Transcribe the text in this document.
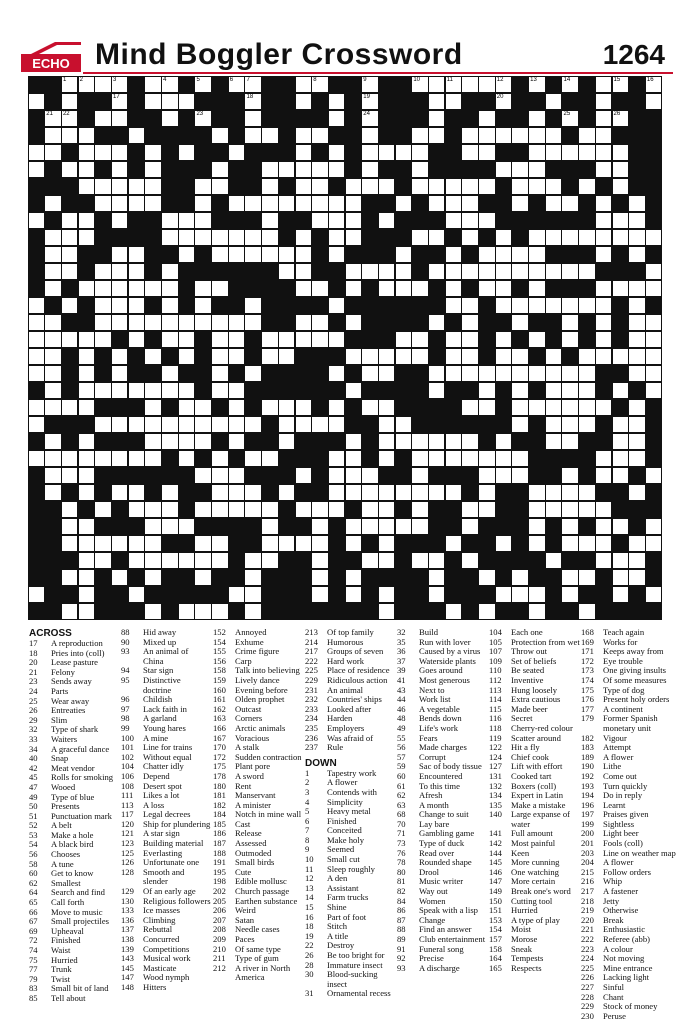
ECHO Mind Boggler Crossword	1264
1 2	3	4	5	6 7	8	9	10	11	12	13	14	15	16
17	18	19	20
21 22	23	24	25	26
ACROSS
17	A reproduction
18	Pries into (coll)
20	Lease pasture
21	Felony
23	Sends away
24	Parts
25	Wear away
26	Entreaties
29	Slim
32	Type of shark
33	Waiters
34	A graceful dance
40	Snap
42	Meat vendor
45	Rolls for smoking
47	Wooed
49	Type of blue
50	Presents
51	Punctuation mark
52	A belt
53	Make a hole
54	A black bird
56	Chooses
58	A tune
60	Get to know
62	Smallest
64	Search and find
65	Call forth
66	Move to music
67	Small projectiles
69	Upheaval
72	Finished
74	Waist
75	Hurried
77	Trunk
79	Twist
83	Small bit of land
85	Tell about
88	Hid away
90	Mixed up
93	An animal of China
94	Star sign
95	Distinctive doctrine
96	Childish
97	Lack faith in
98	A garland
99	Young hares
100	A mine
101	Line for trains
102	Without equal
104	Chatter idly
106	Depend
108	Desert spot
111	Likes a lot
113	A loss
117	Legal decrees
120	Ship for plundering
121	A star sign
123	Building material
125	Everlasting
126	Unfortunate one
128	Smooth and slender
129	Of an early age
130	Religious followers
133	Ice masses
136	Climbing
137	Rebuttal
138	Concurred
139	Competitions
143	Musical work
145	Masticate
147	Wood nymph
148	Hitters
152	Annoyed
154	Exhume
155	Crime figure
156	Carp
158	Talk into believing
159	Lively dance
160	Evening before
161	Olden prophet
162	Outcast
163	Corners
166	Arctic animals
167	Voracious
170	A stalk
172	Sudden contraction
175	Plant pore
178	A sword
180	Rent
181	Manservant
182	A minister
184	Notch in mine wall
185	Cast
186	Release
187	Assessed
188	Outmoded
191	Small birds
195	Cute
198	Edible mollusc
202	Church passage
205	Earthen substance
206	Weird
207	Satan
208	Needle cases
209	Paces
210	Of same type
211	Type of gum
212	A river in North America
213	Of top family
214	Humorous
217	Groups of seven
222	Hard work
225	Place of residence
229	Ridiculous action
231	An animal
232	Countries' ships
233	Looked after
234	Harden
235	Employers
236	Was afraid of
237	Rule
DOWN
1	Tapestry work
2	A flower
3	Contends with
4	Simplicity
5	Heavy metal
6	Finished
7	Conceited
8	Make holy
9	Seemed
10	Small cut
11	Sleep roughly
12	A den
13	Assistant
14	Farm trucks
15	Shine
16	Part of foot
18	Stitch
19	A title
22	Destroy
26	Be too bright for
28	Immature insect
30	Blood-sucking insect
31	Ornamental recess
32	Build
35	Run with lover
36	Caused by a virus
37	Waterside plants
39	Goes around
41	Most generous
43	Next to
44	Work list
46	A vegetable
48	Bends down
49	Life's work
55	Fears
56	Made charges
57	Corrupt
59	Sac of body tissue
60	Encountered
61	To this time
62	Afresh
63	A month
68	Change to suit
70	Lay bare
71	Gambling game
73	Type of duck
76	Read over
78	Rounded shape
80	Drool
81	Music writer
82	Way out
84	Women
86	Speak with a lisp
87	Change
88	Find an answer
89	Club entertainment
91	Funeral song
92	Precise
93	A discharge
104	Each one
105	Protection from wet
107	Throw out
109	Set of beliefs
110	Be seated
112	Inventive
113	Hung loosely
114	Extra cautious
115	Made beer
116	Secret
118	Cherry-red colour
119	Scatter around
122	Hit a fly
124	Chief cook
127	Lift with effort
131	Cooked tart
132	Boxers (coll)
134	Expert in Latin
135	Make a mistake
140	Large expanse of water
141	Full amount
142	Most painful
144	Keen
145	More cunning
146	One watching
147	More certain
149	Break one's word
150	Cutting tool
151	Hurried
153	A type of play
154	Moist
157	Morose
158	Sneak
164	Tempests
165	Respects
168	Teach again
169	Works for
171	Keeps away from
172	Eye trouble
173	One giving insults
174	Of some measures
175	Type of dog
176	Present holy orders
177	A continent
179	Former Spanish monetary unit
182	Vigour
183	Attempt
189	A flower
190	Lithe
192	Come out
193	Turn quickly
194	Do in reply
196	Learnt
197	Praises given
199	Sightless
200	Light beer
201	Fools (coll)
203	Line on weather map
204	A flower
215	Follow orders
216	Whip
217	A fastener
218	Jetty
219	Otherwise
220	Break
221	Enthusiastic
222	Referee (abb)
223	A colour
224	Not moving
225	Mine entrance
226	Lacking light
227	Sinful
228	Chant
229	Stock of money
230	Peruse
